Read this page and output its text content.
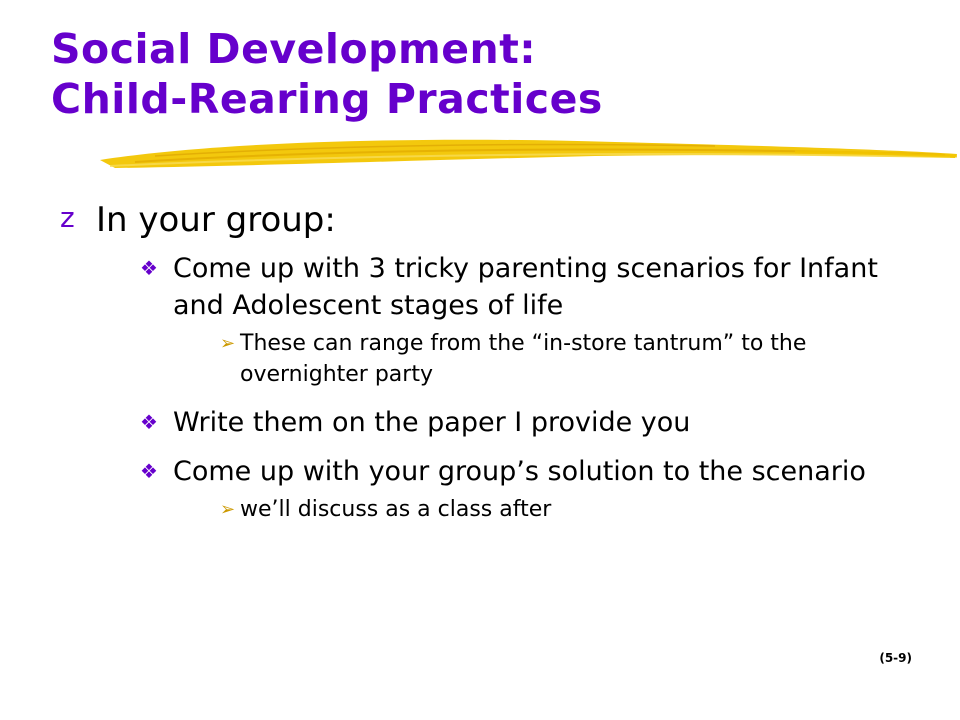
Social Development:
Child-Rearing Practices
z In your group:
❖ Come up with 3 tricky parenting scenarios for Infant and Adolescent stages of life
➢ These can range from the “in-store tantrum” to the overnighter party
❖ Write them on the paper I provide you
❖ Come up with your group’s solution to the scenario
➢ we’ll discuss as a class after
(5-9)
